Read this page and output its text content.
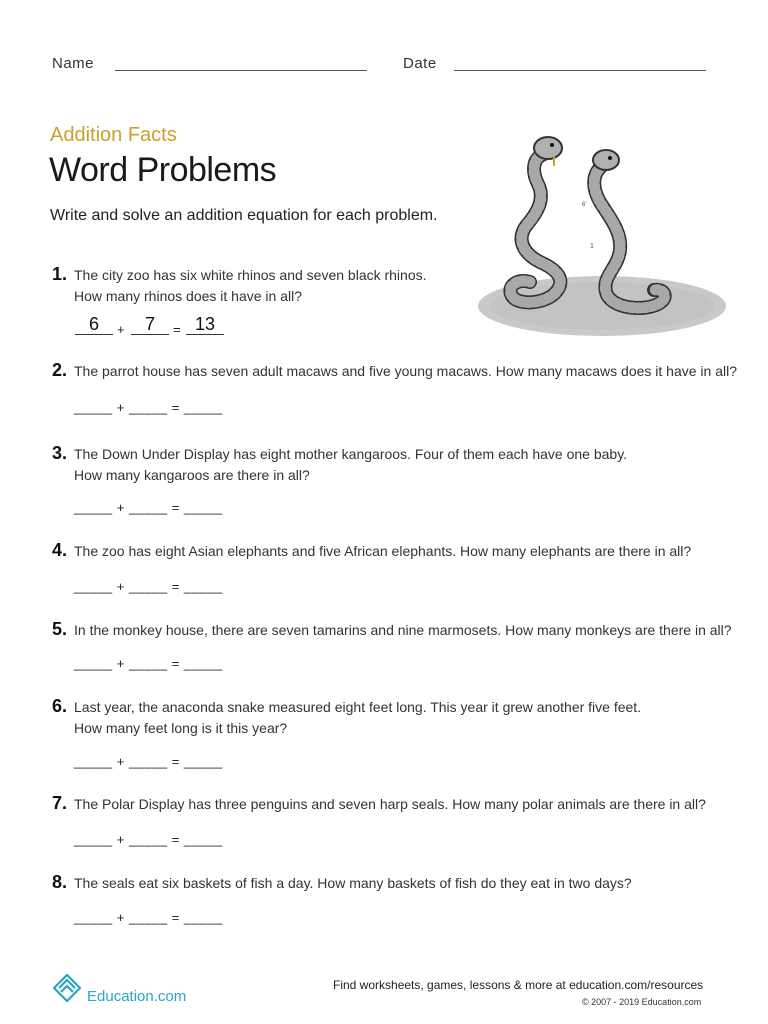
Name	Date
Addition Facts
Word Problems
Write and solve an addition equation for each problem.
6'
1
1. The city zoo has six white rhinos and seven black rhinos.
How many rhinos does it have in all?
6	+	7	= 13
2. The parrot house has seven adult macaws and five young macaws. How many macaws does it have in all?
_____ + _____ = _____
3. The Down Under Display has eight mother kangaroos. Four of them each have one baby.
How many kangaroos are there in all?
_____ + _____ = _____
4. The zoo has eight Asian elephants and five African elephants. How many elephants are there in all?
_____ + _____ = _____
5. In the monkey house, there are seven tamarins and nine marmosets. How many monkeys are there in all?
_____ + _____ = _____
6. Last year, the anaconda snake measured eight feet long. This year it grew another five feet.
How many feet long is it this year?
_____ + _____ = _____
7. The Polar Display has three penguins and seven harp seals. How many polar animals are there in all?
_____ + _____ = _____
8. The seals eat six baskets of fish a day. How many baskets of fish do they eat in two days?
_____ + _____ = _____
Education.com
Find worksheets, games, lessons & more at education.com/resources
© 2007 - 2019 Education.com
